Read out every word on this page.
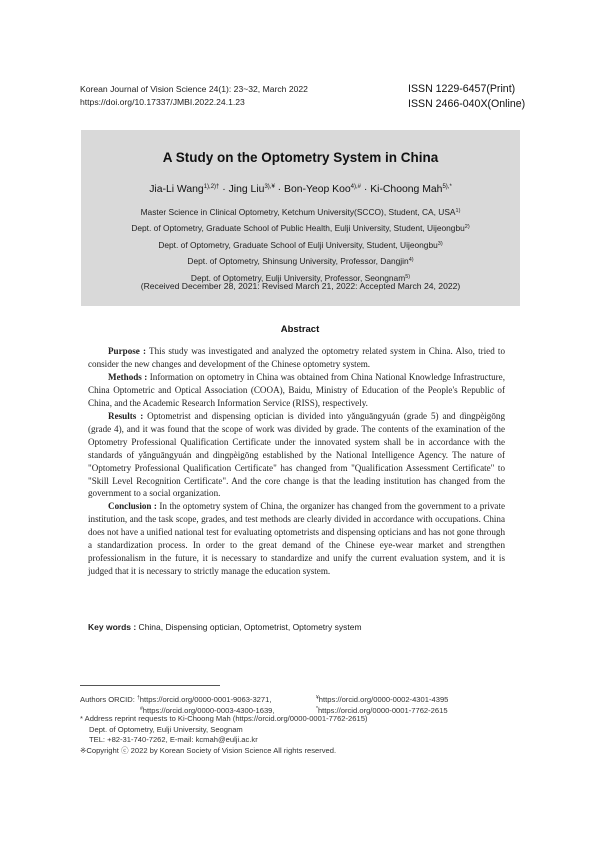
Korean Journal of Vision Science 24(1): 23~32, March 2022
https://doi.org/10.17337/JMBI.2022.24.1.23
ISSN 1229-6457(Print)
ISSN 2466-040X(Online)
A Study on the Optometry System in China
Jia-Li Wang$^{1),2)\dagger}$ · Jing Liu$^{3),¥}$ · Bon-Yeop Koo$^{4),\#}$ · Ki-Choong Mah$^{5),*}$
Master Science in Clinical Optometry, Ketchum University(SCCO), Student, CA, USA$^{1)}$
Dept. of Optometry, Graduate School of Public Health, Eulji University, Student, Uijeongbu$^{2)}$
Dept. of Optometry, Graduate School of Eulji University, Student, Uijeongbu$^{3)}$
Dept. of Optometry, Shinsung University, Professor, Dangjin$^{4)}$
Dept. of Optometry, Eulji University, Professor, Seongnam$^{5)}$
(Received December 28, 2021: Revised March 21, 2022: Accepted March 24, 2022)
Abstract

Purpose : This study was investigated and analyzed the optometry related system in China. Also, tried to consider the new changes and development of the Chinese optometry system.

Methods : Information on optometry in China was obtained from China National Knowledge Infrastructure, China Optometric and Optical Association (COOA), Baidu, Ministry of Education of the People's Republic of China, and the Academic Research Information Service (RISS), respectively.

Results : Optometrist and dispensing optician is divided into yǎnguāngyuán (grade 5) and dìngpèigōng (grade 4), and it was found that the scope of work was divided by grade. The contents of the examination of the Optometry Professional Qualification Certificate under the innovated system shall be in accordance with the standards of yǎnguāngyuán and dìngpèigōng established by the National Intelligence Agency. The nature of "Optometry Professional Qualification Certificate" has changed from "Qualification Assessment Certificate" to "Skill Level Recognition Certificate". And the core change is that the leading institution has changed from the government to a social organization.

Conclusion : In the optometry system of China, the organizer has changed from the government to a private institution, and the task scope, grades, and test methods are clearly divided in accordance with occupations. China does not have a unified national test for evaluating optometrists and dispensing opticians and has not gone through a standardization process. In order to the great demand of the Chinese eye-wear market and strengthen professionalism in the future, it is necessary to standardize and unify the current evaluation system, and it is judged that it is necessary to strictly manage the education system.

Key words : China, Dispensing optician, Optometrist, Optometry system
Authors ORCID: †https://orcid.org/0000-0001-9063-3271,	¥https://orcid.org/0000-0002-4301-4395
#https://orcid.org/0000-0003-4300-1639,	*https://orcid.org/0000-0001-7762-2615
* Address reprint requests to Ki-Choong Mah (https://orcid.org/0000-0001-7762-2615)
Dept. of Optometry, Eulji University, Seognam
TEL: +82-31-740-7262, E-mail: kcmah@eulji.ac.kr
※Copyright ⓒ 2022 by Korean Society of Vision Science All rights reserved.
